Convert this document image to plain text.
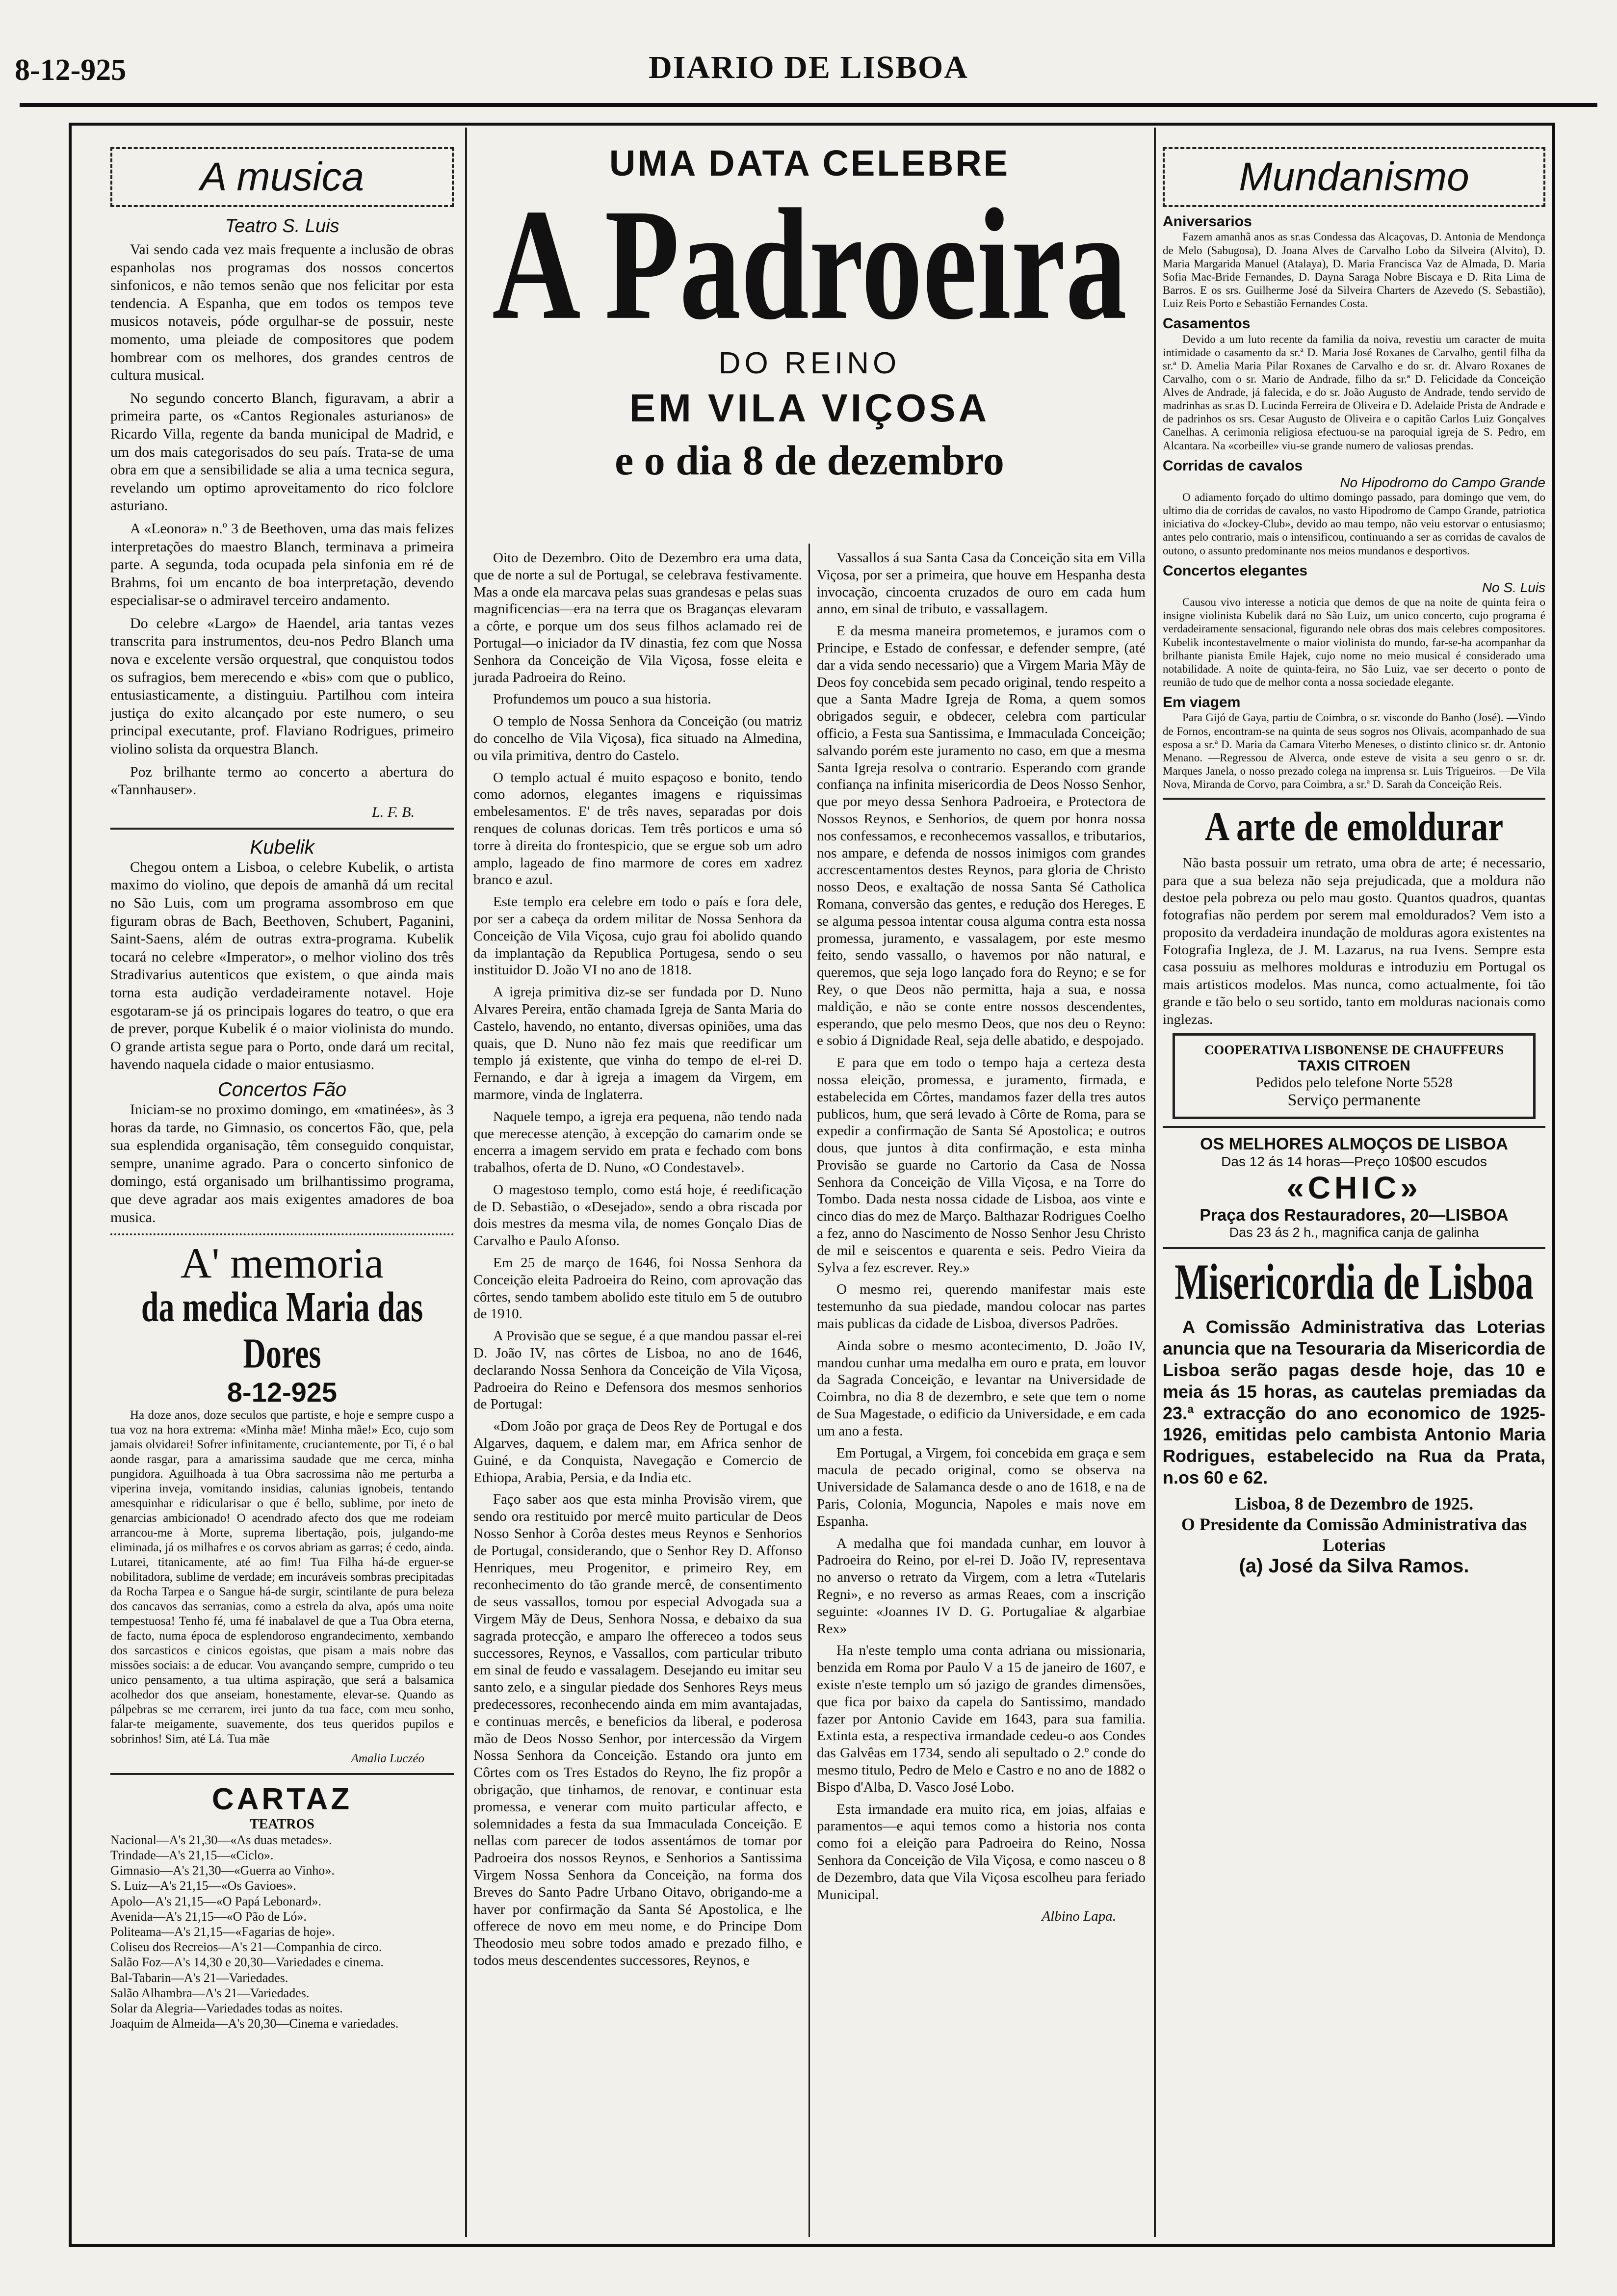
8-12-925	DIARIO DE LISBOA
A musica
Teatro S. Luis

Vai sendo cada vez mais frequente a inclusão de obras espanholas nos programas dos nossos concertos sinfonicos, e não temos senão que nos felicitar por esta tendencia. A Espanha, que em todos os tempos teve musicos notaveis, póde orgulhar-se de possuir, neste momento, uma pleiade de compositores que podem hombrear com os melhores, dos grandes centros de cultura musical.

No segundo concerto Blanch, figuravam, a abrir a primeira parte, os «Cantos Regionales asturianos» de Ricardo Villa, regente da banda municipal de Madrid, e um dos mais categorisados do seu país. Trata-se de uma obra em que a sensibilidade se alia a uma tecnica segura, revelando um optimo aproveitamento do rico folclore asturiano.

A «Leonora» n.º 3 de Beethoven, uma das mais felizes interpretações do maestro Blanch, terminava a primeira parte. A segunda, toda ocupada pela sinfonia em ré de Brahms, foi um encanto de boa interpretação, devendo especialisar-se o admiravel terceiro andamento.

Do celebre «Largo» de Haendel, aria tantas vezes transcrita para instrumentos, deu-nos Pedro Blanch uma nova e excelente versão orquestral, que conquistou todos os sufragios, bem merecendo e «bis» com que o publico, entusiasticamente, a distinguiu. Partilhou com inteira justiça do exito alcançado por este numero, o seu principal executante, prof. Flaviano Rodrigues, primeiro violino solista da orquestra Blanch.

Poz brilhante termo ao concerto a abertura do «Tannhauser».

L. F. B.
Kubelik

Chegou ontem a Lisboa, o celebre Kubelik, o artista maximo do violino, que depois de amanhã dá um recital no São Luis, com um programa assombroso em que figuram obras de Bach, Beethoven, Schubert, Paganini, Saint-Saens, além de outras extra-programa. Kubelik tocará no celebre «Imperator», o melhor violino dos três Stradivarius autenticos que existem, o que ainda mais torna esta audição verdadeiramente notavel. Hoje esgotaram-se já os principais logares do teatro, o que era de prever, porque Kubelik é o maior violinista do mundo. O grande artista segue para o Porto, onde dará um recital, havendo naquela cidade o maior entusiasmo.

Concertos Fão

Iniciam-se no proximo domingo, em «matinées», às 3 horas da tarde, no Gimnasio, os concertos Fão, que, pela sua esplendida organisação, têm conseguido conquistar, sempre, unanime agrado. Para o concerto sinfonico de domingo, está organisado um brilhantissimo programa, que deve agradar aos mais exigentes amadores de boa musica.

A' memoria
da medica Maria das Dores
8-12-925

Ha doze anos, doze seculos que partiste, e hoje e sempre cuspo a tua voz na hora extrema: «Minha mãe! Minha mãe!» Eco, cujo som jamais olvidarei! Sofrer infinitamente, cruciantemente, por Ti, é o bal aonde rasgar, para a amarissima saudade que me cerca, minha pungidora. Aguilhoada à tua Obra sacrossima não me perturba a viperina inveja, vomitando insidias, calunias ignobeis, tentando amesquinhar e ridicularisar o que é bello, sublime, por ineto de genarcias ambicionado! O acendrado afecto dos que me rodeiam arrancou-me à Morte, suprema libertação, pois, julgando-me eliminada, já os milhafres e os corvos abriam as garras; é cedo, ainda. Lutarei, titanicamente, até ao fim! Tua Filha há-de erguer-se nobilitadora, sublime de verdade; em incuráveis sombras precipitadas da Rocha Tarpea e o Sangue há-de surgir, scintilante de pura beleza dos cancavos das serranias, como a estrela da alva, após uma noite tempestuosa! Tenho fé, uma fé inabalavel de que a Tua Obra eterna, de facto, numa época de esplendoroso engrandecimento, xembando dos sarcasticos e cinicos egoistas, que pisam a mais nobre das missões sociais: a de educar. Vou avançando sempre, cumprido o teu unico pensamento, a tua ultima aspiração, que será a balsamica acolhedor dos que anseiam, honestamente, elevar-se. Quando as pálpebras se me cerrarem, irei junto da tua face, com meu sonho, falar-te meigamente, suavemente, dos teus queridos pupilos e sobrinhos! Sim, até Lá. Tua mãe

Amalia Luczéo
CARTAZ
TEATROS

Nacional—A's 21,30—«As duas metades».

Trindade—A's 21,15—«Ciclo».

Gimnasio—A's 21,30—«Guerra ao Vinho».

S. Luiz—A's 21,15—«Os Gavioes».

Apolo—A's 21,15—«O Papá Lebonard».

Avenida—A's 21,15—«O Pão de Ló».

Politeama—A's 21,15—«Fagarias de hoje».

Coliseu dos Recreios—A's 21—Companhia de circo.

Salão Foz—A's 14,30 e 20,30—Variedades e cinema.

Bal-Tabarin—A's 21—Variedades.

Salão Alhambra—A's 21—Variedades.

Solar da Alegria—Variedades todas as noites.

Joaquim de Almeida—A's 20,30—Cinema e variedades.

UMA DATA CELEBRE
A Padroeira
DO REINO
EM VILA VIÇOSA
e o dia 8 de dezembro

Oito de Dezembro. Oito de Dezembro era uma data, que de norte a sul de Portugal, se celebrava festivamente. Mas a onde ela marcava pelas suas grandesas e pelas suas magnificencias—era na terra que os Braganças elevaram a côrte, e porque um dos seus filhos aclamado rei de Portugal—o iniciador da IV dinastia, fez com que Nossa Senhora da Conceição de Vila Viçosa, fosse eleita e jurada Padroeira do Reino.

Profundemos um pouco a sua historia.

O templo de Nossa Senhora da Conceição (ou matriz do concelho de Vila Viçosa), fica situado na Almedina, ou vila primitiva, dentro do Castelo.

O templo actual é muito espaçoso e bonito, tendo como adornos, elegantes imagens e riquissimas embelesamentos. E' de três naves, separadas por dois renques de colunas doricas. Tem três porticos e uma só torre à direita do frontespicio, que se ergue sob um adro amplo, lageado de fino marmore de cores em xadrez branco e azul.

Este templo era celebre em todo o país e fora dele, por ser a cabeça da ordem militar de Nossa Senhora da Conceição de Vila Viçosa, cujo grau foi abolido quando da implantação da Republica Portugesa, sendo o seu instituidor D. João VI no ano de 1818.

A igreja primitiva diz-se ser fundada por D. Nuno Alvares Pereira, então chamada Igreja de Santa Maria do Castelo, havendo, no entanto, diversas opiniões, uma das quais, que D. Nuno não fez mais que reedificar um templo já existente, que vinha do tempo de el-rei D. Fernando, e dar à igreja a imagem da Virgem, em marmore, vinda de Inglaterra.

Naquele tempo, a igreja era pequena, não tendo nada que merecesse atenção, à excepção do camarim onde se encerra a imagem servido em prata e fechado com bons trabalhos, oferta de D. Nuno, «O Condestavel».

O magestoso templo, como está hoje, é reedificação de D. Sebastião, o «Desejado», sendo a obra riscada por dois mestres da mesma vila, de nomes Gonçalo Dias de Carvalho e Paulo Afonso.

Em 25 de março de 1646, foi Nossa Senhora da Conceição eleita Padroeira do Reino, com aprovação das côrtes, sendo tambem abolido este titulo em 5 de outubro de 1910.

A Provisão que se segue, é a que mandou passar el-rei D. João IV, nas côrtes de Lisboa, no ano de 1646, declarando Nossa Senhora da Conceição de Vila Viçosa, Padroeira do Reino e Defensora dos mesmos senhorios de Portugal:

«Dom João por graça de Deos Rey de Portugal e dos Algarves, daquem, e dalem mar, em Africa senhor de Guiné, e da Conquista, Navegação e Comercio de Ethiopa, Arabia, Persia, e da India etc.

Faço saber aos que esta minha Provisão virem, que sendo ora restituido por mercê muito particular de Deos Nosso Senhor à Corôa destes meus Reynos e Senhorios de Portugal, considerando, que o Senhor Rey D. Affonso Henriques, meu Progenitor, e primeiro Rey, em reconhecimento do tão grande mercê, de consentimento de seus vassallos, tomou por especial Advogada sua a Virgem Mãy de Deus, Senhora Nossa, e debaixo da sua sagrada protecção, e amparo lhe offereceo a todos seus successores, Reynos, e Vassallos, com particular tributo em sinal de feudo e vassalagem. Desejando eu imitar seu santo zelo, e a singular piedade dos Senhores Reys meus predecessores, reconhecendo ainda em mim avantajadas, e continuas mercês, e beneficios da liberal, e poderosa mão de Deos Nosso Senhor, por intercessão da Virgem Nossa Senhora da Conceição. Estando ora junto em Côrtes com os Tres Estados do Reyno, lhe fiz propôr a obrigação, que tinhamos, de renovar, e continuar esta promessa, e venerar com muito particular affecto, e solemnidades a festa da sua Immaculada Conceição. E nellas com parecer de todos assentámos de tomar por Padroeira dos nossos Reynos, e Senhorios a Santissima Virgem Nossa Senhora da Conceição, na forma dos Breves do Santo Padre Urbano Oitavo, obrigando-me a haver por confirmação da Santa Sé Apostolica, e lhe offerece de novo em meu nome, e do Principe Dom Theodosio meu sobre todos amado e prezado filho, e todos meus descendentes successores, Reynos, e

Vassallos á sua Santa Casa da Conceição sita em Villa Viçosa, por ser a primeira, que houve em Hespanha desta invocação, cincoenta cruzados de ouro em cada hum anno, em sinal de tributo, e vassallagem.

E da mesma maneira prometemos, e juramos com o Principe, e Estado de confessar, e defender sempre, (até dar a vida sendo necessario) que a Virgem Maria Mãy de Deos foy concebida sem pecado original, tendo respeito a que a Santa Madre Igreja de Roma, a quem somos obrigados seguir, e obdecer, celebra com particular officio, a Festa sua Santissima, e Immaculada Conceição; salvando porém este juramento no caso, em que a mesma Santa Igreja resolva o contrario. Esperando com grande confiança na infinita misericordia de Deos Nosso Senhor, que por meyo dessa Senhora Padroeira, e Protectora de Nossos Reynos, e Senhorios, de quem por honra nossa nos confessamos, e reconhecemos vassallos, e tributarios, nos ampare, e defenda de nossos inimigos com grandes accrescentamentos destes Reynos, para gloria de Christo nosso Deos, e exaltação de nossa Santa Sé Catholica Romana, conversão das gentes, e redução dos Hereges. E se alguma pessoa intentar cousa alguma contra esta nossa promessa, juramento, e vassalagem, por este mesmo feito, sendo vassallo, o havemos por não natural, e queremos, que seja logo lançado fora do Reyno; e se for Rey, o que Deos não permitta, haja a sua, e nossa maldição, e não se conte entre nossos descendentes, esperando, que pelo mesmo Deos, que nos deu o Reyno: e sobio á Dignidade Real, seja delle abatido, e despojado.

E para que em todo o tempo haja a certeza desta nossa eleição, promessa, e juramento, firmada, e estabelecida em Côrtes, mandamos fazer della tres autos publicos, hum, que será levado à Côrte de Roma, para se expedir a confirmação de Santa Sé Apostolica; e outros dous, que juntos à dita confirmação, e esta minha Provisão se guarde no Cartorio da Casa de Nossa Senhora da Conceição de Villa Viçosa, e na Torre do Tombo. Dada nesta nossa cidade de Lisboa, aos vinte e cinco dias do mez de Março. Balthazar Rodrigues Coelho a fez, anno do Nascimento de Nosso Senhor Jesu Christo de mil e seiscentos e quarenta e seis. Pedro Vieira da Sylva a fez escrever. Rey.»

O mesmo rei, querendo manifestar mais este testemunho da sua piedade, mandou colocar nas partes mais publicas da cidade de Lisboa, diversos Padrões.

Ainda sobre o mesmo acontecimento, D. João IV, mandou cunhar uma medalha em ouro e prata, em louvor da Sagrada Conceição, e levantar na Universidade de Coimbra, no dia 8 de dezembro, e sete que tem o nome de Sua Magestade, o edificio da Universidade, e em cada um ano a festa.

Em Portugal, a Virgem, foi concebida em graça e sem macula de pecado original, como se observa na Universidade de Salamanca desde o ano de 1618, e na de Paris, Colonia, Moguncia, Napoles e mais nove em Espanha.

A medalha que foi mandada cunhar, em louvor à Padroeira do Reino, por el-rei D. João IV, representava no anverso o retrato da Virgem, com a letra «Tutelaris Regni», e no reverso as armas Reaes, com a inscrição seguinte: «Joannes IV D. G. Portugaliae & algarbiae Rex»

Ha n'este templo uma conta adriana ou missionaria, benzida em Roma por Paulo V a 15 de janeiro de 1607, e existe n'este templo um só jazigo de grandes dimensões, que fica por baixo da capela do Santissimo, mandado fazer por Antonio Cavide em 1643, para sua familia. Extinta esta, a respectiva irmandade cedeu-o aos Condes das Galvêas em 1734, sendo ali sepultado o 2.º conde do mesmo titulo, Pedro de Melo e Castro e no ano de 1882 o Bispo d'Alba, D. Vasco José Lobo.

Esta irmandade era muito rica, em joias, alfaias e paramentos—e aqui temos como a historia nos conta como foi a eleição para Padroeira do Reino, Nossa Senhora da Conceição de Vila Viçosa, e como nasceu o 8 de Dezembro, data que Vila Viçosa escolheu para feriado Municipal.

Albino Lapa.
Mundanismo
Aniversarios

Fazem amanhã anos as sr.as Condessa das Alcaçovas, D. Antonia de Mendonça de Melo (Sabugosa), D. Joana Alves de Carvalho Lobo da Silveira (Alvito), D. Maria Margarida Manuel (Atalaya), D. Maria Francisca Vaz de Almada, D. Maria Sofia Mac-Bride Fernandes, D. Dayna Saraga Nobre Biscaya e D. Rita Lima de Barros. E os srs. Guilherme José da Silveira Charters de Azevedo (S. Sebastião), Luiz Reis Porto e Sebastião Fernandes Costa.

Casamentos

Devido a um luto recente da familia da noiva, revestiu um caracter de muita intimidade o casamento da sr.ª D. Maria José Roxanes de Carvalho, gentil filha da sr.ª D. Amelia Maria Pilar Roxanes de Carvalho e do sr. dr. Alvaro Roxanes de Carvalho, com o sr. Mario de Andrade, filho da sr.ª D. Felicidade da Conceição Alves de Andrade, já falecida, e do sr. João Augusto de Andrade, tendo servido de madrinhas as sr.as D. Lucinda Ferreira de Oliveira e D. Adelaide Prista de Andrade e de padrinhos os srs. Cesar Augusto de Oliveira e o capitão Carlos Luiz Gonçalves Canelhas. A cerimonia religiosa efectuou-se na paroquial igreja de S. Pedro, em Alcantara. Na «corbeille» viu-se grande numero de valiosas prendas.

Corridas de cavalos
No Hipodromo do Campo Grande

O adiamento forçado do ultimo domingo passado, para domingo que vem, do ultimo dia de corridas de cavalos, no vasto Hipodromo de Campo Grande, patriotica iniciativa do «Jockey-Club», devido ao mau tempo, não veiu estorvar o entusiasmo; antes pelo contrario, mais o intensificou, continuando a ser as corridas de cavalos de outono, o assunto predominante nos meios mundanos e desportivos.

Concertos elegantes
No S. Luis

Causou vivo interesse a noticia que demos de que na noite de quinta feira o insigne violinista Kubelik dará no São Luiz, um unico concerto, cujo programa é verdadeiramente sensacional, figurando nele obras dos mais celebres compositores. Kubelik incontestavelmente o maior violinista do mundo, far-se-ha acompanhar da brilhante pianista Emile Hajek, cujo nome no meio musical é considerado uma notabilidade. A noite de quinta-feira, no São Luiz, vae ser decerto o ponto de reunião de tudo que de melhor conta a nossa sociedade elegante.

Em viagem

Para Gijó de Gaya, partiu de Coimbra, o sr. visconde do Banho (José). —Vindo de Fornos, encontram-se na quinta de seus sogros nos Olivais, acompanhado de sua esposa a sr.ª D. Maria da Camara Viterbo Meneses, o distinto clinico sr. dr. Antonio Menano. —Regressou de Alverca, onde esteve de visita a seu genro o sr. dr. Marques Janela, o nosso prezado colega na imprensa sr. Luis Trigueiros. —De Vila Nova, Miranda de Corvo, para Coimbra, a sr.ª D. Sarah da Conceição Reis.

A arte de emoldurar

Não basta possuir um retrato, uma obra de arte; é necessario, para que a sua beleza não seja prejudicada, que a moldura não destoe pela pobreza ou pelo mau gosto. Quantos quadros, quantas fotografias não perdem por serem mal emoldurados? Vem isto a proposito da verdadeira inundação de molduras agora existentes na Fotografia Ingleza, de J. M. Lazarus, na rua Ivens. Sempre esta casa possuiu as melhores molduras e introduziu em Portugal os mais artisticos modelos. Mas nunca, como actualmente, foi tão grande e tão belo o seu sortido, tanto em molduras nacionais como inglezas.

COOPERATIVA LISBONENSE DE CHAUFFEURS
TAXIS CITROEN
Pedidos pelo telefone Norte 5528
Serviço permanente
OS MELHORES ALMOÇOS DE LISBOA
Das 12 ás 14 horas—Preço 10$00 escudos
«CHIC»
Praça dos Restauradores, 20—LISBOA
Das 23 ás 2 h., magnifica canja de galinha
Misericordia de Lisboa

A Comissão Administrativa das Loterias anuncia que na Tesouraria da Misericordia de Lisboa serão pagas desde hoje, das 10 e meia ás 15 horas, as cautelas premiadas da 23.ª extracção do ano economico de 1925-1926, emitidas pelo cambista Antonio Maria Rodrigues, estabelecido na Rua da Prata, n.os 60 e 62.

Lisboa, 8 de Dezembro de 1925.
O Presidente da Comissão Administrativa das Loterias
(a) José da Silva Ramos.
